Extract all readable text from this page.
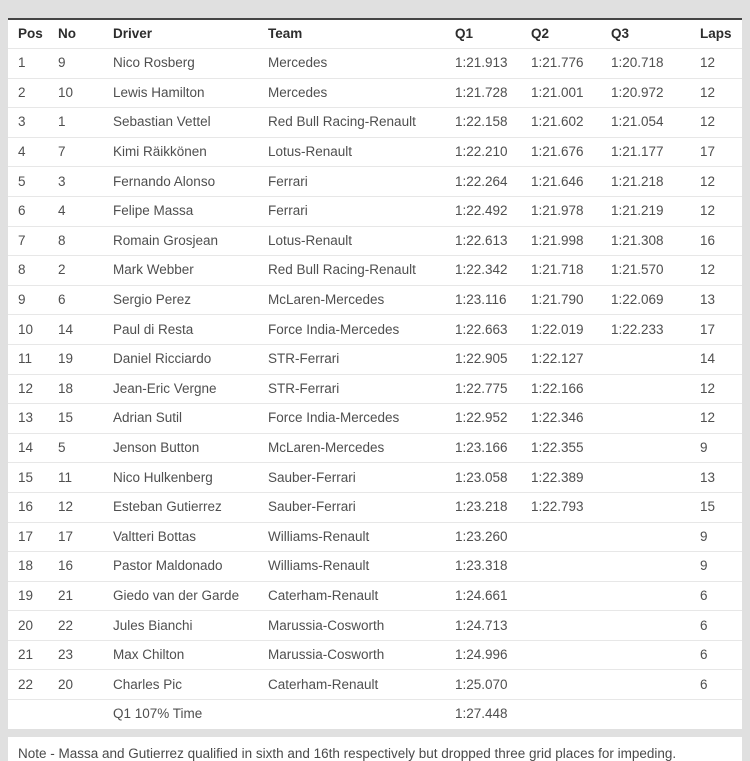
Pos	No	Driver	Team	Q1	Q2	Q3	Laps
1	9	Nico Rosberg	Mercedes	1:21.913	1:21.776	1:20.718	12
2	10	Lewis Hamilton	Mercedes	1:21.728	1:21.001	1:20.972	12
3	1	Sebastian Vettel	Red Bull Racing-Renault	1:22.158	1:21.602	1:21.054	12
4	7	Kimi Räikkönen	Lotus-Renault	1:22.210	1:21.676	1:21.177	17
5	3	Fernando Alonso	Ferrari	1:22.264	1:21.646	1:21.218	12
6	4	Felipe Massa	Ferrari	1:22.492	1:21.978	1:21.219	12
7	8	Romain Grosjean	Lotus-Renault	1:22.613	1:21.998	1:21.308	16
8	2	Mark Webber	Red Bull Racing-Renault	1:22.342	1:21.718	1:21.570	12
9	6	Sergio Perez	McLaren-Mercedes	1:23.116	1:21.790	1:22.069	13
10	14	Paul di Resta	Force India-Mercedes	1:22.663	1:22.019	1:22.233	17
11	19	Daniel Ricciardo	STR-Ferrari	1:22.905	1:22.127		14
12	18	Jean-Eric Vergne	STR-Ferrari	1:22.775	1:22.166		12
13	15	Adrian Sutil	Force India-Mercedes	1:22.952	1:22.346		12
14	5	Jenson Button	McLaren-Mercedes	1:23.166	1:22.355		9
15	11	Nico Hulkenberg	Sauber-Ferrari	1:23.058	1:22.389		13
16	12	Esteban Gutierrez	Sauber-Ferrari	1:23.218	1:22.793		15
17	17	Valtteri Bottas	Williams-Renault	1:23.260			9
18	16	Pastor Maldonado	Williams-Renault	1:23.318			9
19	21	Giedo van der Garde	Caterham-Renault	1:24.661			6
20	22	Jules Bianchi	Marussia-Cosworth	1:24.713			6
21	23	Max Chilton	Marussia-Cosworth	1:24.996			6
22	20	Charles Pic	Caterham-Renault	1:25.070			6
		Q1 107% Time		1:27.448			
Note - Massa and Gutierrez qualified in sixth and 16th respectively but dropped three grid places for impeding.
